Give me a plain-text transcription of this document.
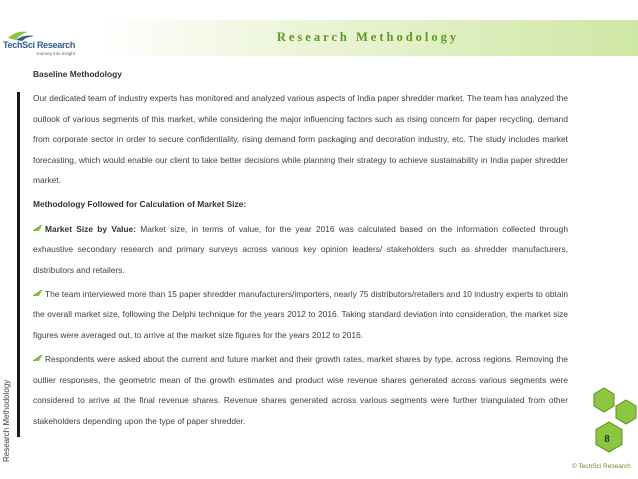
TechSci Research
Journey into Insight
Research Methodology
Research Methodology

Baseline Methodology

Our dedicated team of industry experts has monitored and analyzed various aspects of India paper shredder market. The team has analyzed the outlook of various segments of this market, while considering the major influencing factors such as rising concern for paper recycling, demand from corporate sector in order to secure confidentiality, rising demand form packaging and decoration industry, etc. The study includes market forecasting, which would enable our client to take better decisions while planning their strategy to achieve sustainability in India paper shredder market.

Methodology Followed for Calculation of Market Size:

Market Size by Value: Market size, in terms of value, for the year 2016 was calculated based on the information collected through exhaustive secondary research and primary surveys across various key opinion leaders/ stakeholders such as shredder manufacturers, distributors and retailers.

The team interviewed more than 15 paper shredder manufacturers/importers, nearly 75 distributors/retailers and 10 industry experts to obtain the overall market size, following the Delphi technique for the years 2012 to 2016. Taking standard deviation into consideration, the market size figures were averaged out, to arrive at the market size figures for the years 2012 to 2016.

Respondents were asked about the current and future market and their growth rates, market shares by type, across regions. Removing the outlier responses, the geometric mean of the growth estimates and product wise revenue shares generated across various segments were considered to arrive at the final revenue shares. Revenue shares generated across various segments were further triangulated from other stakeholders depending upon the type of paper shredder.

8
© TechSci Research
